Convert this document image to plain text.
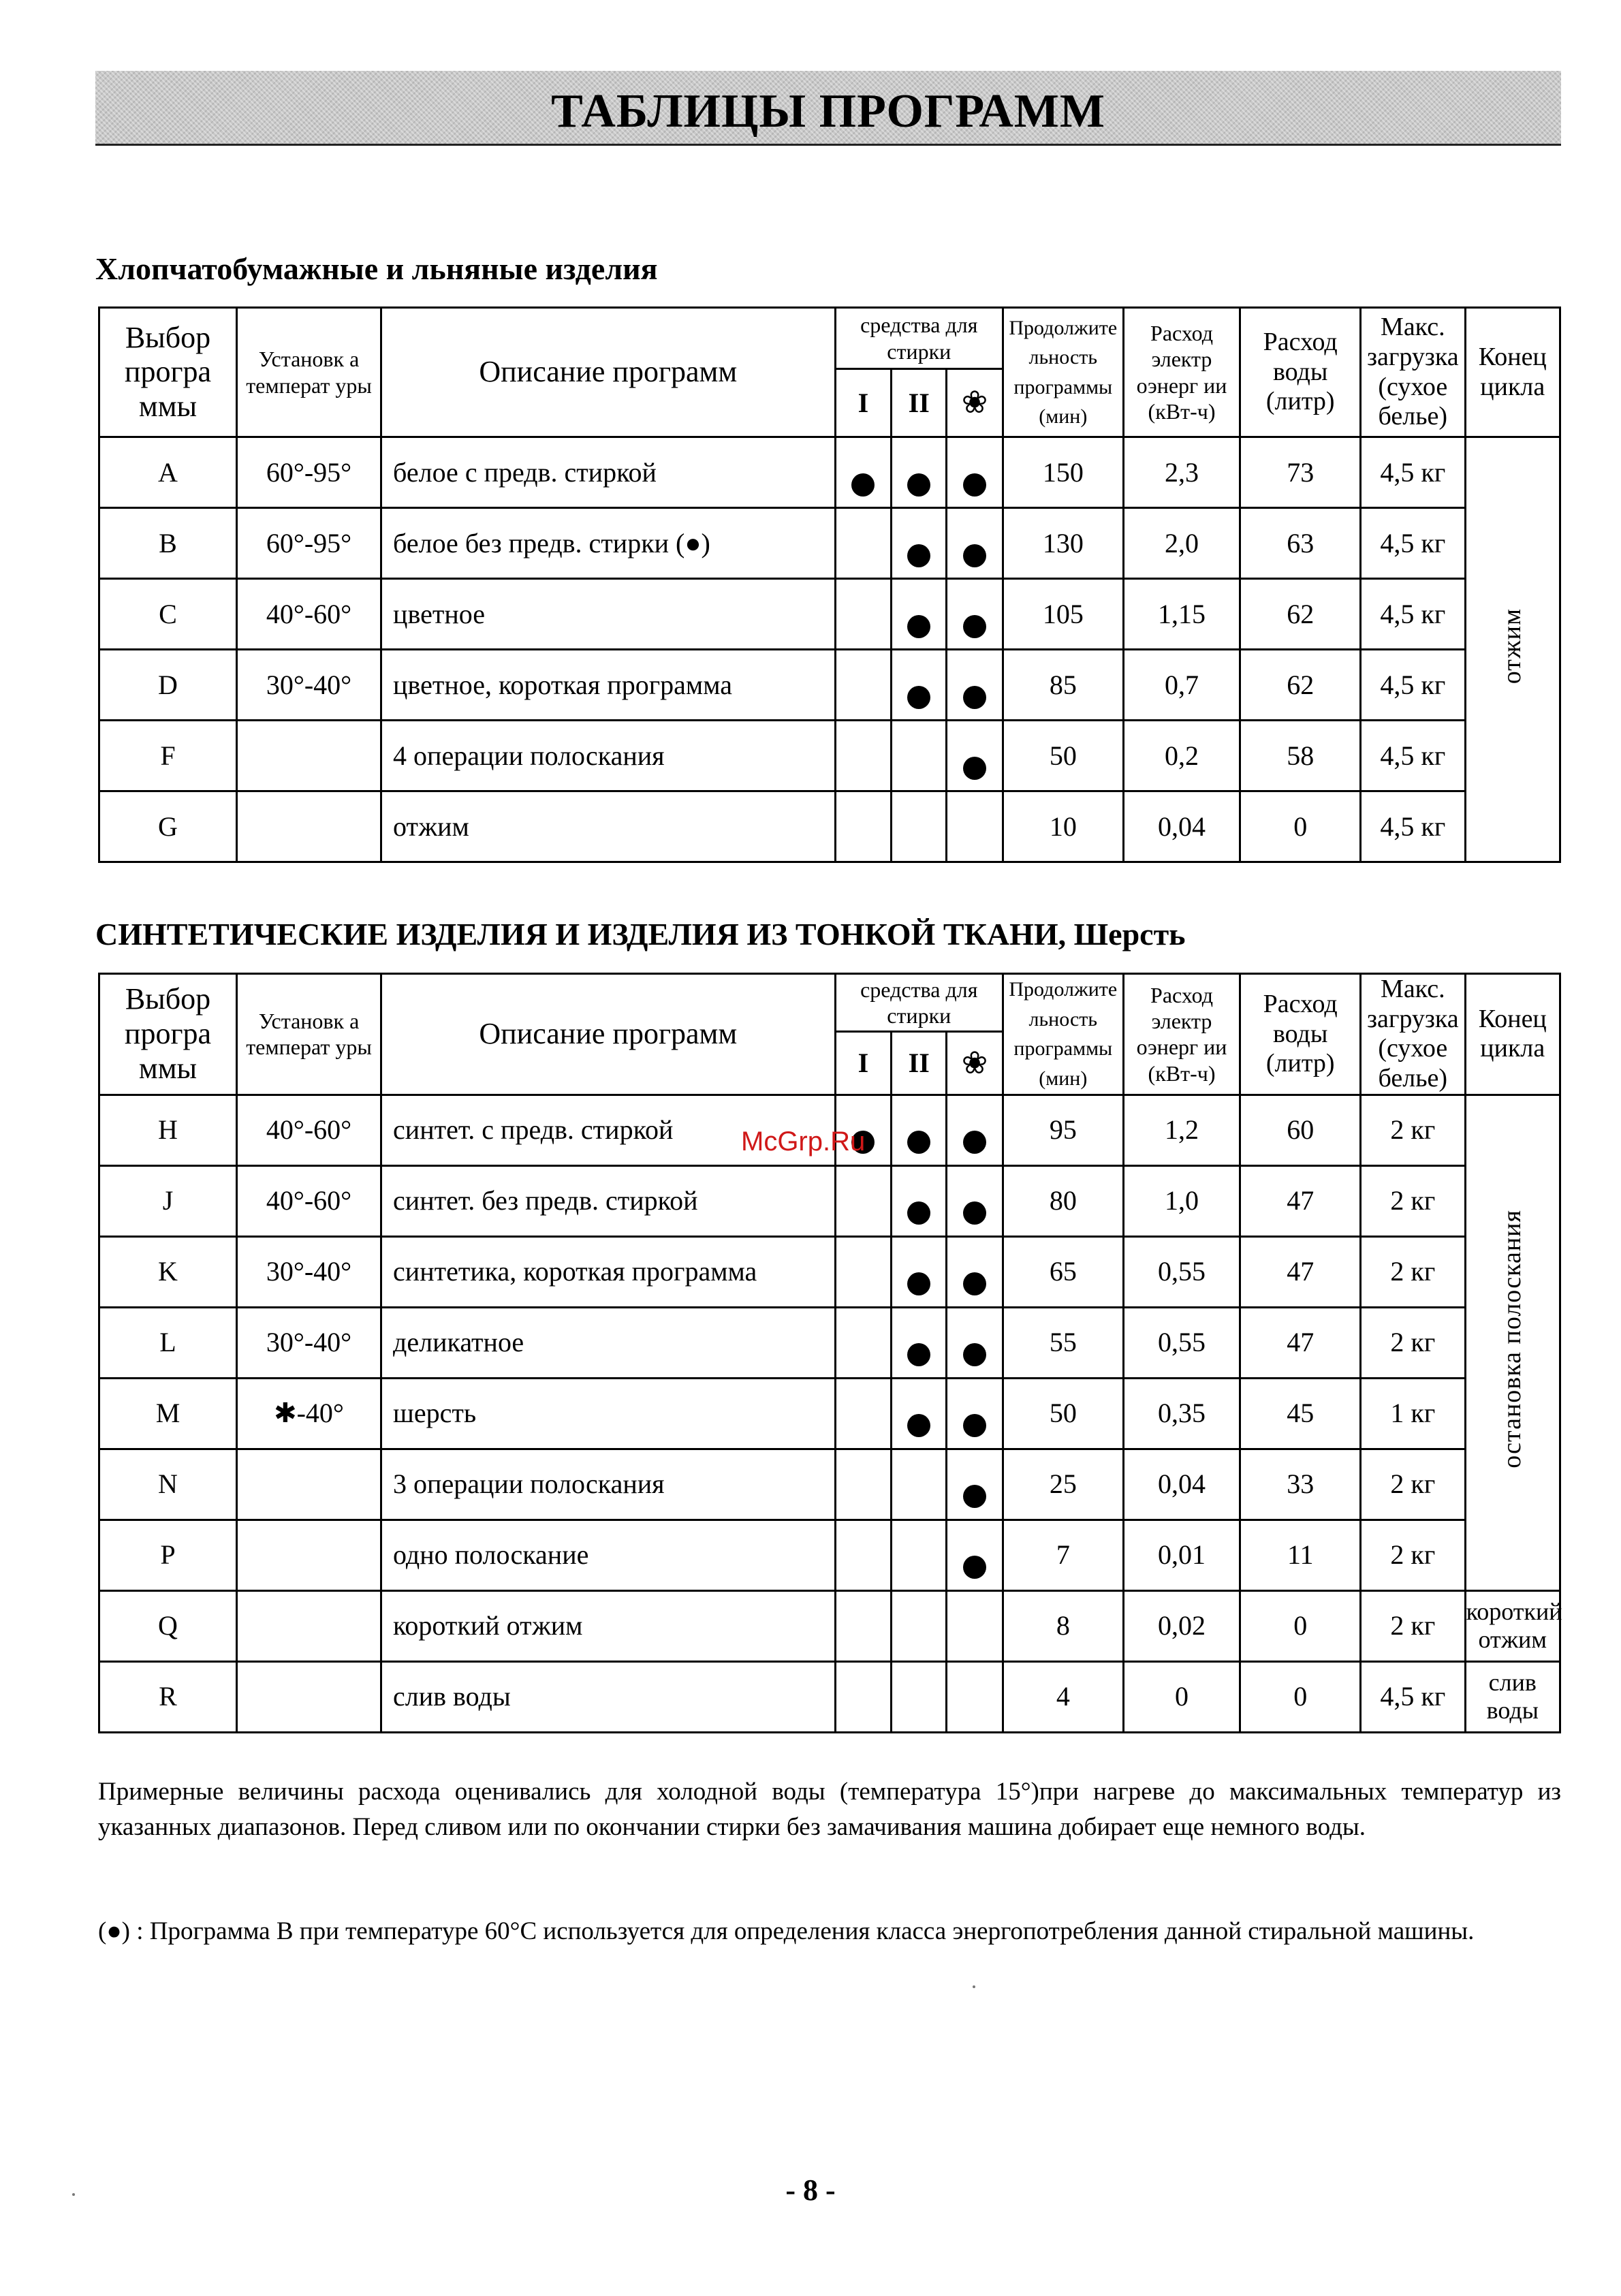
ТАБЛИЦЫ ПРОГРАММ
Хлопчатобумажные и льняные изделия
Выбор програ ммы	Установк а температ уры	Описание программ	средства для стирки			Продолжите льность программы (мин)	Расход электр оэнерг ии (кВт-ч)	Расход воды (литр)	Макс. загрузка (сухое белье)	Конец цикла
			I	II	❀					
A	60°-95°	белое с предв. стиркой				150	2,3	73	4,5 кг	отжим
B	60°-95°	белое без предв. стирки (●)				130	2,0	63	4,5 кг	
C	40°-60°	цветное				105	1,15	62	4,5 кг	
D	30°-40°	цветное, короткая программа				85	0,7	62	4,5 кг	
F		4 операции полоскания				50	0,2	58	4,5 кг	
G		отжим				10	0,04	0	4,5 кг	
СИНТЕТИЧЕСКИЕ ИЗДЕЛИЯ И ИЗДЕЛИЯ ИЗ ТОНКОЙ ТКАНИ, Шерсть
Выбор програ ммы	Установк а температ уры	Описание программ	средства для стирки			Продолжите льность программы (мин)	Расход электр оэнерг ии (кВт-ч)	Расход воды (литр)	Макс. загрузка (сухое белье)	Конец цикла
			I	II	❀					
H	40°-60°	синтет. с предв. стиркой				95	1,2	60	2 кг	остановка полоскания
J	40°-60°	синтет. без предв. стиркой				80	1,0	47	2 кг	
K	30°-40°	синтетика, короткая программа				65	0,55	47	2 кг	
L	30°-40°	деликатное				55	0,55	47	2 кг	
M	✱-40°	шерсть				50	0,35	45	1 кг	
N		3 операции полоскания				25	0,04	33	2 кг	
P		одно полоскание				7	0,01	11	2 кг	
Q		короткий отжим				8	0,02	0	2 кг	короткий отжим
R		слив воды				4	0	0	4,5 кг	слив воды
McGrp.Ru
Примерные величины расхода оценивались для холодной воды (температура 15°)при нагреве до максимальных температур из указанных диапазонов. Перед сливом или по окончании стирки без замачивания машина добирает еще немного воды.
(●) : Программа B при температуре 60°C используется для определения класса энергопотребления данной стиральной машины.
- 8 -
